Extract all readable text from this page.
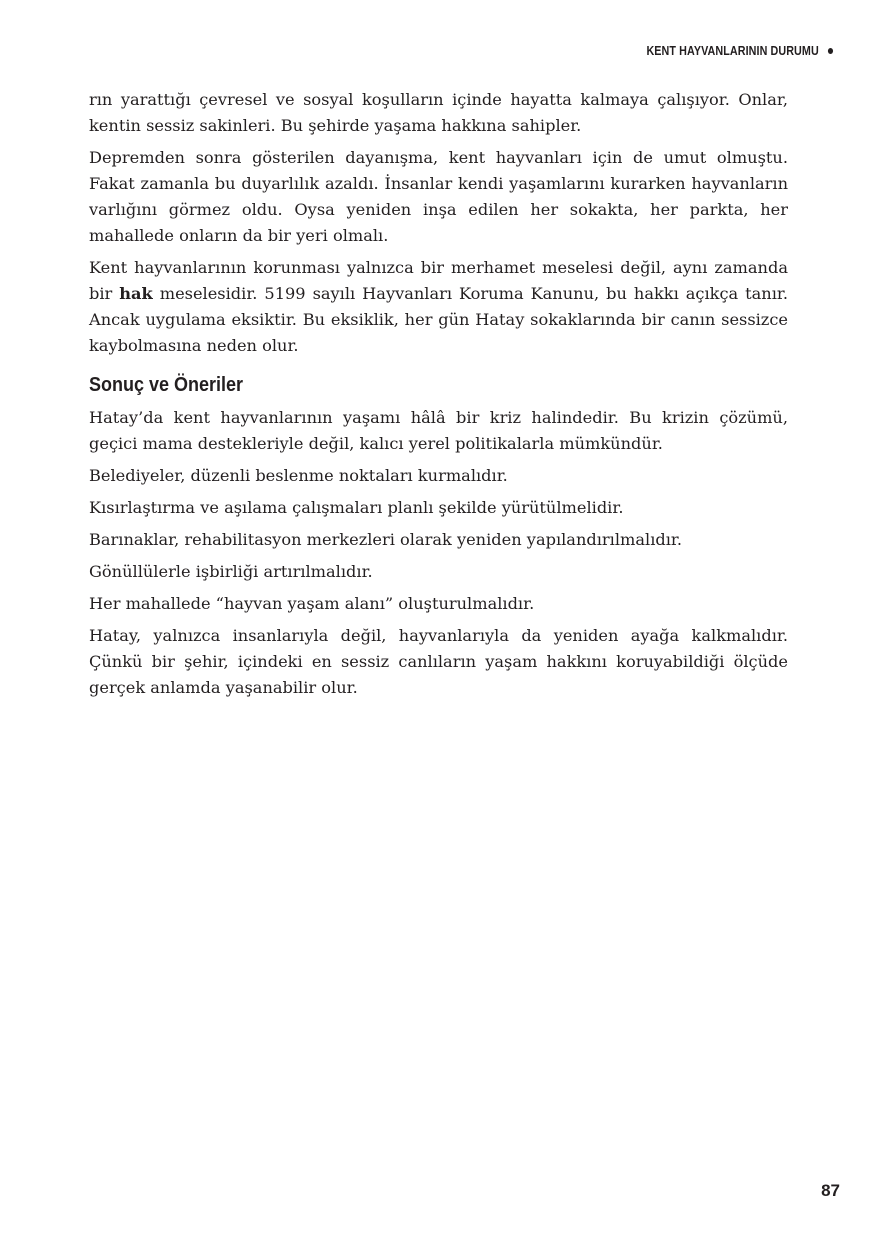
KENT HAYVANLARININ DURUMU

rın yarattığı çevresel ve sosyal koşulların içinde hayatta kalmaya çalışıyor. Onlar, kentin sessiz sakinleri. Bu şehirde yaşama hakkına sahipler.

Depremden sonra gösterilen dayanışma, kent hayvanları için de umut olmuştu. Fakat zamanla bu duyarlılık azaldı. İnsanlar kendi yaşamlarını kurarken hayvanların varlığını görmez oldu. Oysa yeniden inşa edilen her sokakta, her parkta, her mahallede onların da bir yeri olmalı.

Kent hayvanlarının korunması yalnızca bir merhamet meselesi değil, aynı zamanda bir hak meselesidir. 5199 sayılı Hayvanları Koruma Kanunu, bu hakkı açıkça tanır. Ancak uygulama eksiktir. Bu eksiklik, her gün Hatay sokaklarında bir canın sessizce kaybolmasına neden olur.

Sonuç ve Öneriler

Hatay’da kent hayvanlarının yaşamı hâlâ bir kriz halindedir. Bu krizin çözümü, geçici mama destekleriyle değil, kalıcı yerel politikalarla mümkündür.

Belediyeler, düzenli beslenme noktaları kurmalıdır.

Kısırlaştırma ve aşılama çalışmaları planlı şekilde yürütülmelidir.

Barınaklar, rehabilitasyon merkezleri olarak yeniden yapılandırılmalıdır.

Gönüllülerle işbirliği artırılmalıdır.

Her mahallede “hayvan yaşam alanı” oluşturulmalıdır.

Hatay, yalnızca insanlarıyla değil, hayvanlarıyla da yeniden ayağa kalkmalıdır. Çünkü bir şehir, içindeki en sessiz canlıların yaşam hakkını koruyabildiği ölçüde gerçek anlamda yaşanabilir olur.

87
